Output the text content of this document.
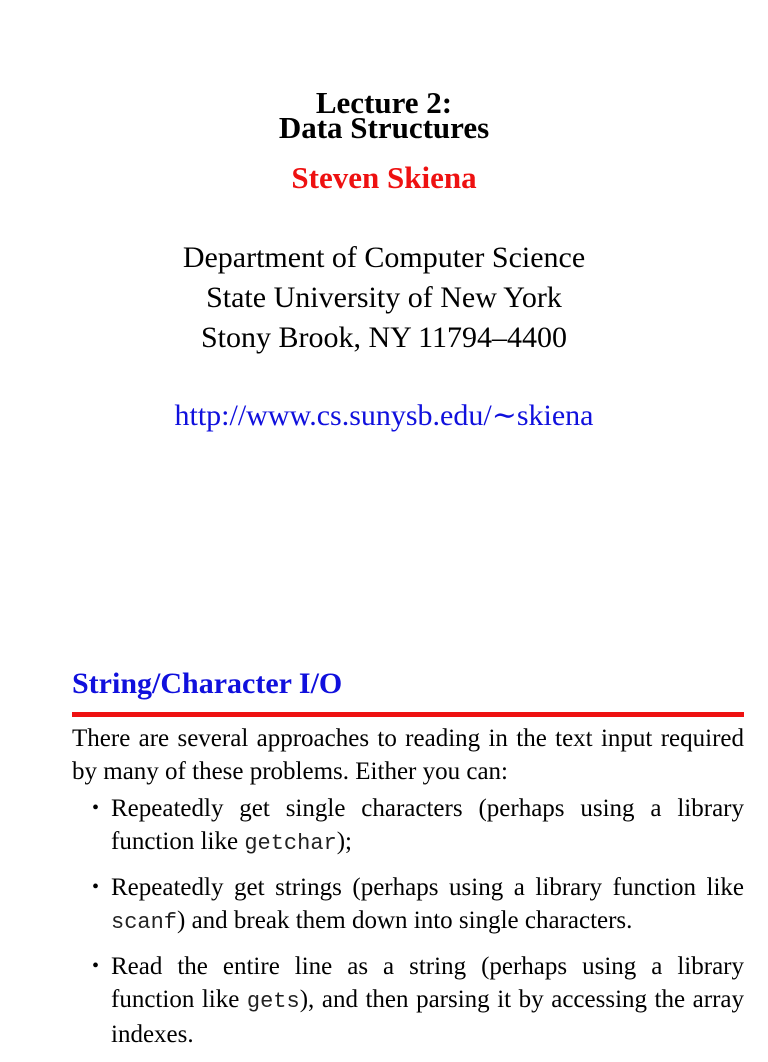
Lecture 2:
Data Structures
Steven Skiena
Department of Computer Science
State University of New York
Stony Brook, NY 11794–4400
http://www.cs.sunysb.edu/∼skiena
String/Character I/O
There are several approaches to reading in the text input required by many of these problems. Either you can:
• Repeatedly get single characters (perhaps using a library function like getchar);
• Repeatedly get strings (perhaps using a library function like scanf) and break them down into single characters.
• Read the entire line as a string (perhaps using a library function like gets), and then parsing it by accessing the array indexes.
